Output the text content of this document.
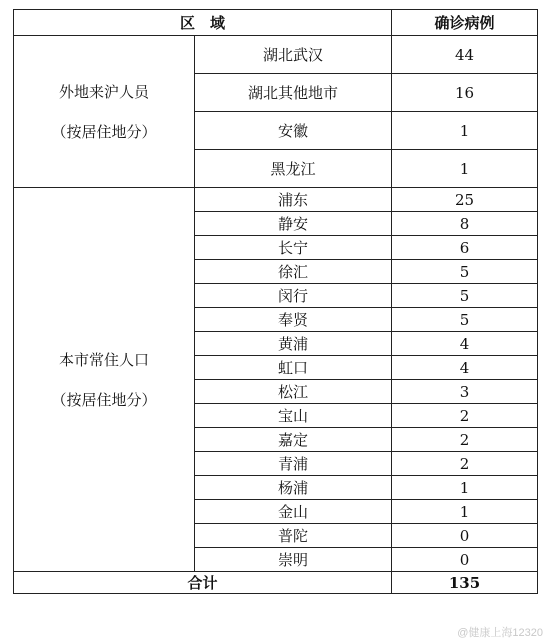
区　域		确诊病例

外地来沪人员
（按居住地分）	湖北武汉	44
	湖北其他地市	16
	安徽	1
	黑龙江	1

本市常住人口
（按居住地分）	浦东	25
	静安	8
	长宁	6
	徐汇	5
	闵行	5
	奉贤	5
	黄浦	4
	虹口	4
	松江	3
	宝山	2
	嘉定	2
	青浦	2
	杨浦	1
	金山	1
	普陀	0
	崇明	0
合计		135
@健康上海12320
